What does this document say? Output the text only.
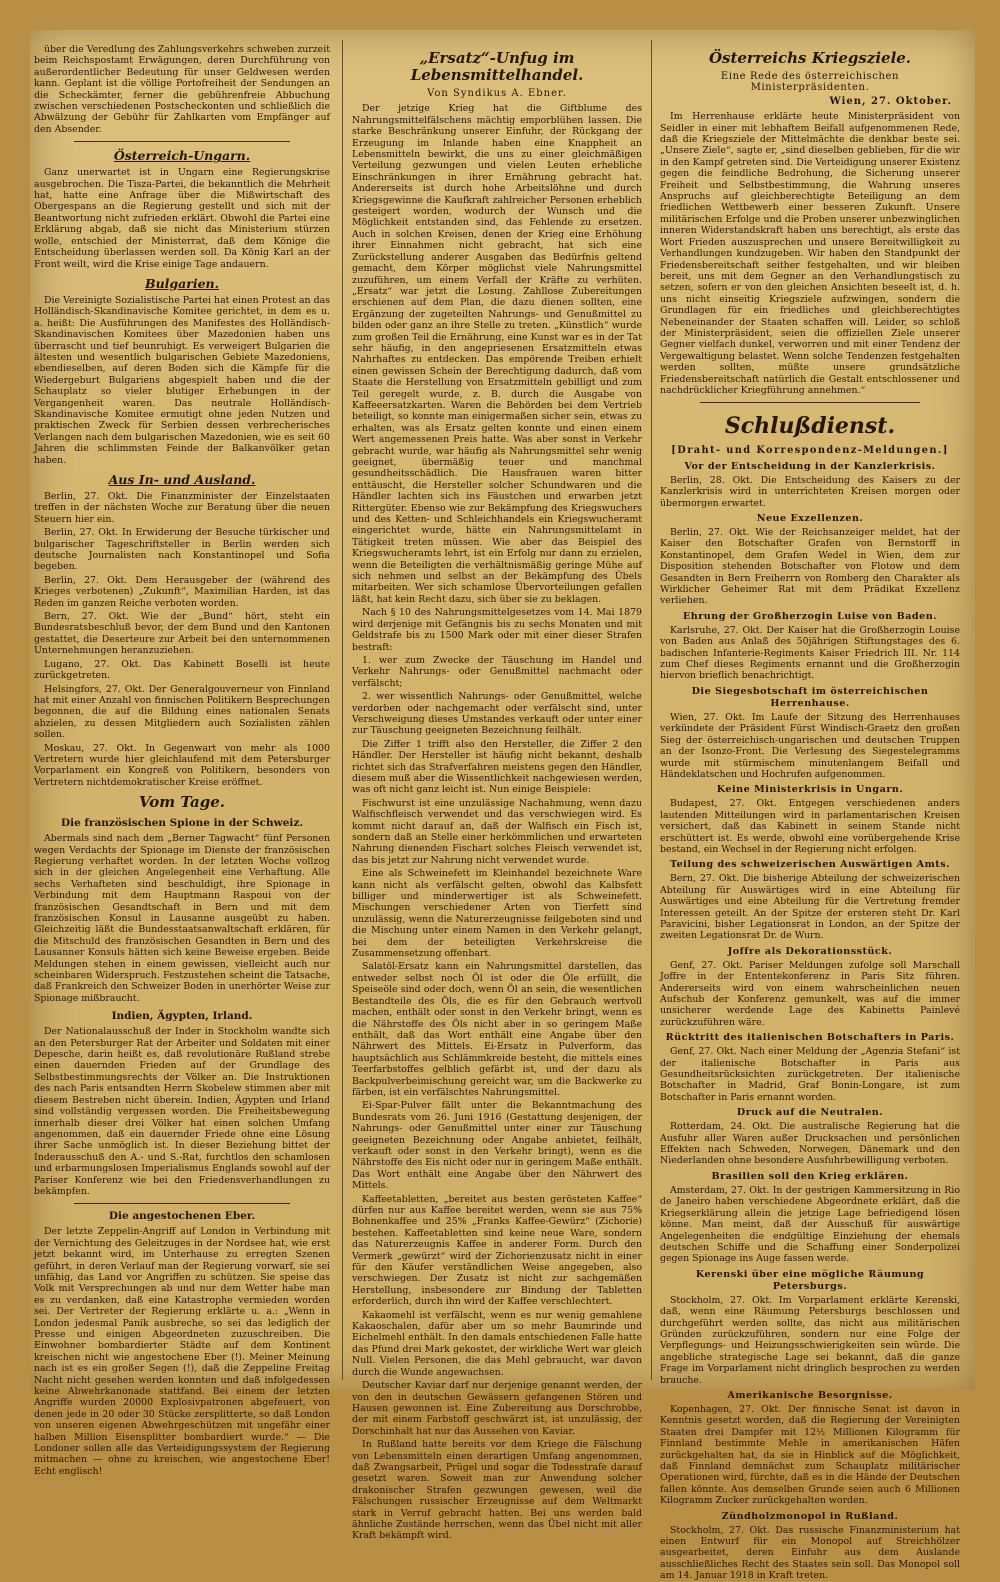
über die Veredlung des Zahlungsverkehrs schweben zurzeit beim Reichspostamt Erwägungen, deren Durchführung von außerordentlicher Bedeutung für unser Geldwesen werden kann. Geplant ist die völlige Portofreiheit der Sendungen an die Scheckämter, ferner die gebührenfreie Abbuchung zwischen verschiedenen Postscheckonten und schließlich die Abwälzung der Gebühr für Zahlkarten vom Empfänger auf den Absender.

Österreich-Ungarn.

Ganz unerwartet ist in Ungarn eine Regierungskrise ausgebrochen. Die Tisza-Partei, die bekanntlich die Mehrheit hat, hatte eine Anfrage über die Mißwirtschaft des Obergespans an die Regierung gestellt und sich mit der Beantwortung nicht zufrieden erklärt. Obwohl die Partei eine Erklärung abgab, daß sie nicht das Ministerium stürzen wolle, entschied der Ministerrat, daß dem Könige die Entscheidung überlassen werden soll. Da König Karl an der Front weilt, wird die Krise einige Tage andauern.

Bulgarien.

Die Vereinigte Sozialistische Partei hat einen Protest an das Holländisch-Skandinavische Komitee gerichtet, in dem es u. a. heißt: Die Ausführungen des Manifestes des Holländisch-Skandinavischen Komitees über Mazedonien haben uns überrascht und tief beunruhigt. Es verweigert Bulgarien die ältesten und wesentlich bulgarischen Gebiete Mazedoniens, ebendieselben, auf deren Boden sich die Kämpfe für die Wiedergeburt Bulgariens abgespielt haben und die der Schauplatz so vieler blutiger Erhebungen in der Vergangenheit waren. Das neutrale Holländisch-Skandinavische Komitee ermutigt ohne jeden Nutzen und praktischen Zweck für Serbien dessen verbrecherisches Verlangen nach dem bulgarischen Mazedonien, wie es seit 60 Jahren die schlimmsten Feinde der Balkanvölker getan haben.

Aus In- und Ausland.

Berlin, 27. Okt. Die Finanzminister der Einzelstaaten treffen in der nächsten Woche zur Beratung über die neuen Steuern hier ein.

Berlin, 27. Okt. In Erwiderung der Besuche türkischer und bulgarischer Tageschriftsteller in Berlin werden sich deutsche Journalisten nach Konstantinopel und Sofia begeben.

Berlin, 27. Okt. Dem Herausgeber der (während des Krieges verbotenen) „Zukunft“, Maximilian Harden, ist das Reden im ganzen Reiche verboten worden.

Bern, 27. Okt. Wie der „Bund“ hört, steht ein Bundesratsbeschluß bevor, der dem Bund und den Kantonen gestattet, die Deserteure zur Arbeit bei den unternommenen Unternehmungen heranzuziehen.

Lugano, 27. Okt. Das Kabinett Boselli ist heute zurückgetreten.

Helsingfors, 27. Okt. Der Generalgouverneur von Finnland hat mit einer Anzahl von finnischen Politikern Besprechungen begonnen, die auf die Bildung eines nationalen Senats abzielen, zu dessen Mitgliedern auch Sozialisten zählen sollen.

Moskau, 27. Okt. In Gegenwart von mehr als 1000 Vertretern wurde hier gleichlaufend mit dem Petersburger Vorparlament ein Kongreß von Politikern, besonders von Vertretern nichtdemokratischer Kreise eröffnet.

Vom Tage.
Die französischen Spione in der Schweiz.

Abermals sind nach dem „Berner Tagwacht“ fünf Personen wegen Verdachts der Spionage im Dienste der französischen Regierung verhaftet worden. In der letzten Woche vollzog sich in der gleichen Angelegenheit eine Verhaftung. Alle sechs Verhafteten sind beschuldigt, ihre Spionage in Verbindung mit dem Hauptmann Raspoui von der französischen Gesandtschaft in Bern und mit dem französischen Konsul in Lausanne ausgeübt zu haben. Gleichzeitig läßt die Bundesstaatsanwaltschaft erklären, für die Mitschuld des französischen Gesandten in Bern und des Lausanner Konsuls hätten sich keine Beweise ergeben. Beide Meldungen stehen in einem gewissen, vielleicht auch nur scheinbaren Widerspruch. Festzustehen scheint die Tatsache, daß Frankreich den Schweizer Boden in unerhörter Weise zur Spionage mißbraucht.

Indien, Ägypten, Irland.

Der Nationalausschuß der Inder in Stockholm wandte sich an den Petersburger Rat der Arbeiter und Soldaten mit einer Depesche, darin heißt es, daß revolutionäre Rußland strebe einen dauernden Frieden auf der Grundlage des Selbstbestimmungsrechts der Völker an. Die Instruktionen des nach Paris entsandten Herrn Skobelew stimmen aber mit diesem Bestreben nicht überein. Indien, Ägypten und Irland sind vollständig vergessen worden. Die Freiheitsbewegung innerhalb dieser drei Völker hat einen solchen Umfang angenommen, daß ein dauernder Friede ohne eine Lösung ihrer Sache unmöglich ist. In dieser Beziehung bittet der Inderausschuß den A.- und S.-Rat, furchtlos den schamlosen und erbarmungslosen Imperialismus Englands sowohl auf der Pariser Konferenz wie bei den Friedensverhandlungen zu bekämpfen.

Die angestochenen Eber.

Der letzte Zeppelin-Angriff auf London in Verbindung mit der Vernichtung des Geleitzuges in der Nordsee hat, wie erst jetzt bekannt wird, im Unterhause zu erregten Szenen geführt, in deren Verlauf man der Regierung vorwarf, sie sei unfähig, das Land vor Angriffen zu schützen. Sie speise das Volk mit Versprechungen ab und nur dem Wetter habe man es zu verdanken, daß eine Katastrophe vermieden worden sei. Der Vertreter der Regierung erklärte u. a.: „Wenn in London jedesmal Panik ausbreche, so sei das lediglich der Presse und einigen Abgeordneten zuzuschreiben. Die Einwohner bombardierter Städte auf dem Kontinent kreischen nicht wie angestochene Eber (!). Meiner Meinung nach ist es ein großer Segen (!), daß die Zeppeline Freitag Nacht nicht gesehen werden konnten und daß infolgedessen keine Abwehrkanonade stattfand. Bei einem der letzten Angriffe wurden 20000 Explosivpatronen abgefeuert, von denen jede in 20 oder 30 Stücke zersplitterte, so daß London von unseren eigenen Abwehrgeschützen mit ungefähr einer halben Million Eisensplitter bombardiert wurde.“ — Die Londoner sollen alle das Verteidigungssystem der Regierung mitmachen — ohne zu kreischen, wie angestochene Eber! Echt englisch!

„Ersatz“-Unfug im Lebensmittelhandel.
Von Syndikus A. Ebner.

Der jetzige Krieg hat die Giftblume des Nahrungsmittelfälschens mächtig emporblühen lassen. Die starke Beschränkung unserer Einfuhr, der Rückgang der Erzeugung im Inlande haben eine Knappheit an Lebensmitteln bewirkt, die uns zu einer gleichmäßigen Verteilung gezwungen und vielen Leuten erhebliche Einschränkungen in ihrer Ernährung gebracht hat. Andererseits ist durch hohe Arbeitslöhne und durch Kriegsgewinne die Kaufkraft zahlreicher Personen erheblich gesteigert worden, wodurch der Wunsch und die Möglichkeit entstanden sind, das Fehlende zu ersetzen. Auch in solchen Kreisen, denen der Krieg eine Erhöhung ihrer Einnahmen nicht gebracht, hat sich eine Zurückstellung anderer Ausgaben das Bedürfnis geltend gemacht, dem Körper möglichst viele Nahrungsmittel zuzuführen, um einem Verfall der Kräfte zu verhüten. „Ersatz“ war jetzt die Losung. Zahllose Zubereitungen erschienen auf dem Plan, die dazu dienen sollten, eine Ergänzung der zugeteilten Nahrungs- und Genußmittel zu bilden oder ganz an ihre Stelle zu treten. „Künstlich“ wurde zum großen Teil die Ernährung, eine Kunst war es in der Tat sehr häufig, in den angepriesenen Ersatzmitteln etwas Nahrhaftes zu entdecken. Das empörende Treiben erhielt einen gewissen Schein der Berechtigung dadurch, daß vom Staate die Herstellung von Ersatzmitteln gebilligt und zum Teil geregelt wurde, z. B. durch die Ausgabe von Kaffeeersatzkarten. Waren die Behörden bei dem Vertrieb beteiligt, so konnte man einigermaßen sicher sein, etwas zu erhalten, was als Ersatz gelten konnte und einen einem Wert angemessenen Preis hatte. Was aber sonst in Verkehr gebracht wurde, war häufig als Nahrungsmittel sehr wenig geeignet, übermäßig teuer und manchmal gesundheitsschädlich. Die Hausfrauen waren bitter enttäuscht, die Hersteller solcher Schundwaren und die Händler lachten sich ins Fäustchen und erwarben jetzt Rittergüter. Ebenso wie zur Bekämpfung des Kriegswuchers und des Ketten- und Schleichhandels ein Kriegswucheramt eingerichtet wurde, hätte ein Nahrungsmittelamt in Tätigkeit treten müssen. Wie aber das Beispiel des Kriegswucheramts lehrt, ist ein Erfolg nur dann zu erzielen, wenn die Beteiligten die verhältnismäßig geringe Mühe auf sich nehmen und selbst an der Bekämpfung des Übels mitarbeiten. Wer sich schamlose Übervorteilungen gefallen läßt, hat kein Recht dazu, sich über sie zu beklagen.

Nach § 10 des Nahrungsmittelgesetzes vom 14. Mai 1879 wird derjenige mit Gefängnis bis zu sechs Monaten und mit Geldstrafe bis zu 1500 Mark oder mit einer dieser Strafen bestraft:

1. wer zum Zwecke der Täuschung im Handel und Verkehr Nahrungs- oder Genußmittel nachmacht oder verfälscht;

2. wer wissentlich Nahrungs- oder Genußmittel, welche verdorben oder nachgemacht oder verfälscht sind, unter Verschweigung dieses Umstandes verkauft oder unter einer zur Täuschung geeigneten Bezeichnung feilhält.

Die Ziffer 1 trifft also den Hersteller, die Ziffer 2 den Händler. Der Hersteller ist häufig nicht bekannt, deshalb richtet sich das Strafverfahren meistens gegen den Händler, diesem muß aber die Wissentlichkeit nachgewiesen werden, was oft nicht ganz leicht ist. Nun einige Beispiele:

Fischwurst ist eine unzulässige Nachahmung, wenn dazu Walfischfleisch verwendet und das verschwiegen wird. Es kommt nicht darauf an, daß der Walfisch ein Fisch ist, sondern daß an Stelle einer herkömmlichen und erwarteten Nahrung dienenden Fischart solches Fleisch verwendet ist, das bis jetzt zur Nahrung nicht verwendet wurde.

Eine als Schweinefett im Kleinhandel bezeichnete Ware kann nicht als verfälscht gelten, obwohl das Kalbsfett billiger und minderwertiger ist als Schweinefett. Mischungen verschiedener Arten von Tierfett sind unzulässig, wenn die Naturerzeugnisse feilgeboten sind und die Mischung unter einem Namen in den Verkehr gelangt, bei dem der beteiligten Verkehrskreise die Zusammensetzung offenbart.

Salatöl-Ersatz kann ein Nahrungsmittel darstellen, das entweder selbst noch Öl ist oder die Öle erfüllt, die Speiseöle sind oder doch, wenn Öl an sein, die wesentlichen Bestandteile des Öls, die es für den Gebrauch wertvoll machen, enthält oder sonst in den Verkehr bringt, wenn es die Nährstoffe des Öls nicht aber in so geringem Maße enthält, daß das Wort enthält eine Angabe über den Nährwert des Mittels. Ei-Ersatz in Pulverform, das hauptsächlich aus Schlämmkreide besteht, die mittels eines Teerfarbstoffes gelblich gefärbt ist, und der dazu als Backpulverbeimischung gereicht war, um die Backwerke zu färben, ist ein verfälschtes Nahrungsmittel.

Ei-Spar-Pulver fällt unter die Bekanntmachung des Bundesrats vom 26. Juni 1916 (Gestattung desjenigen, der Nahrungs- oder Genußmittel unter einer zur Täuschung geeigneten Bezeichnung oder Angabe anbietet, feilhält, verkauft oder sonst in den Verkehr bringt), wenn es die Nährstoffe des Eis nicht oder nur in geringem Maße enthält. Das Wort enthält eine Angabe über den Nährwert des Mittels.

Kaffeetabletten, „bereitet aus besten gerösteten Kaffee“ dürfen nur aus Kaffee bereitet werden, wenn sie aus 75% Bohnenkaffee und 25% „Franks Kaffee-Gewürz“ (Zichorie) bestehen. Kaffeetabletten sind keine neue Ware, sondern das Naturerzeugnis Kaffee in anderer Form. Durch den Vermerk „gewürzt“ wird der Zichorienzusatz nicht in einer für den Käufer verständlichen Weise angegeben, also verschwiegen. Der Zusatz ist nicht zur sachgemäßen Herstellung, insbesondere zur Bindung der Tabletten erforderlich, durch ihn wird der Kaffee verschlechtert.

Kakaomehl ist verfälscht, wenn es nur wenig gemahlene Kakaoschalen, dafür aber um so mehr Baumrinde und Eichelmehl enthält. In den damals entschiedenen Falle hatte das Pfund drei Mark gekostet, der wirkliche Wert war gleich Null. Vielen Personen, die das Mehl gebraucht, war davon durch die Wunde angewachsen.

Deutscher Kaviar darf nur derjenige genannt werden, der von den in deutschen Gewässern gefangenen Stören und Hausen gewonnen ist. Eine Zubereitung aus Dorschrobbe, der mit einem Farbstoff geschwärzt ist, ist unzulässig, der Dorschinhalt hat nur das Aussehen von Kaviar.

In Rußland hatte bereits vor dem Kriege die Fälschung von Lebensmitteln einen derartigen Umfang angenommen, daß Zwangsarbeit, Prügel und sogar die Todesstrafe darauf gesetzt waren. Soweit man zur Anwendung solcher drakonischer Strafen gezwungen gewesen, weil die Fälschungen russischer Erzeugnisse auf dem Weltmarkt stark in Verruf gebracht hatten. Bei uns werden bald ähnliche Zustände herrschen, wenn das Übel nicht mit aller Kraft bekämpft wird.

Österreichs Kriegsziele.
Eine Rede des österreichischen Ministerpräsidenten.
Wien, 27. Oktober.

Im Herrenhause erklärte heute Ministerpräsident von Seidler in einer mit lebhaftem Beifall aufgenommenen Rede, daß die Kriegsziele der Mittelmächte die denkbar beste sei. „Unsere Ziele“, sagte er, „sind dieselben geblieben, für die wir in den Kampf getreten sind. Die Verteidigung unserer Existenz gegen die feindliche Bedrohung, die Sicherung unserer Freiheit und Selbstbestimmung, die Wahrung unseres Anspruchs auf gleichberechtigte Beteiligung an dem friedlichen Wettbewerb einer besseren Zukunft. Unsere militärischen Erfolge und die Proben unserer unbezwinglichen inneren Widerstandskraft haben uns berechtigt, als erste das Wort Frieden auszusprechen und unsere Bereitwilligkeit zu Verhandlungen kundzugeben. Wir haben den Standpunkt der Friedensbereitschaft seither festgehalten, und wir bleiben bereit, uns mit dem Gegner an den Verhandlungstisch zu setzen, sofern er von den gleichen Ansichten beseelt ist, d. h. uns nicht einseitig Kriegsziele aufzwingen, sondern die Grundlagen für ein friedliches und gleichberechtigtes Nebeneinander der Staaten schaffen will. Leider, so schloß der Ministerpräsident, seien die offiziellen Ziele unserer Gegner vielfach dunkel, verworren und mit einer Tendenz der Vergewaltigung belastet. Wenn solche Tendenzen festgehalten werden sollten, müßte unsere grundsätzliche Friedensbereitschaft natürlich die Gestalt entschlossener und nachdrücklicher Kriegführung annehmen.“

Schlußdienst.
[Draht- und Korrespondenz-Meldungen.]
Vor der Entscheidung in der Kanzlerkrisis.

Berlin, 28. Okt. Die Entscheidung des Kaisers zu der Kanzlerkrisis wird in unterrichteten Kreisen morgen oder übermorgen erwartet.

Neue Exzellenzen.

Berlin, 27. Okt. Wie der Reichsanzeiger meldet, hat der Kaiser den Botschafter Grafen von Bernstorff in Konstantinopel, dem Grafen Wedel in Wien, dem zur Disposition stehenden Botschafter von Flotow und dem Gesandten in Bern Freiherrn von Romberg den Charakter als Wirklicher Geheimer Rat mit dem Prädikat Exzellenz verliehen.

Ehrung der Großherzogin Luise von Baden.

Karlsruhe, 27. Okt. Der Kaiser hat die Großherzogin Louise von Baden aus Anlaß des 50jährigen Stiftungstages des 6. badischen Infanterie-Regiments Kaiser Friedrich III. Nr. 114 zum Chef dieses Regiments ernannt und die Großherzogin hiervon brieflich benachrichtigt.

Die Siegesbotschaft im österreichischen Herrenhause.

Wien, 27. Okt. Im Laufe der Sitzung des Herrenhauses verkündete der Präsident Fürst Windisch-Graetz den großen Sieg der österreichisch-ungarischen und deutschen Truppen an der Isonzo-Front. Die Verlesung des Siegestelegramms wurde mit stürmischem minutenlangem Beifall und Händeklatschen und Hochrufen aufgenommen.

Keine Ministerkrisis in Ungarn.

Budapest, 27. Okt. Entgegen verschiedenen anders lautenden Mitteilungen wird in parlamentarischen Kreisen versichert, daß das Kabinett in seinem Stande nicht erschüttert ist. Es werde, obwohl eine vorübergehende Krise bestand, ein Wechsel in der Regierung nicht erfolgen.

Teilung des schweizerischen Auswärtigen Amts.

Bern, 27. Okt. Die bisherige Abteilung der schweizerischen Abteilung für Auswärtiges wird in eine Abteilung für Auswärtiges und eine Abteilung für die Vertretung fremder Interessen geteilt. An der Spitze der ersteren steht Dr. Karl Paravicini, bisher Legationsrat in London, an der Spitze der zweiten Legationsrat Dr. de Wurn.

Joffre als Dekorationsstück.

Genf, 27. Okt. Pariser Meldungen zufolge soll Marschall Joffre in der Ententekonferenz in Paris Sitz führen. Andererseits wird von einem wahrscheinlichen neuen Aufschub der Konferenz gemunkelt, was auf die immer unsicherer werdende Lage des Kabinetts Painlevé zurückzuführen wäre.

Rücktritt des italienischen Botschafters in Paris.

Genf, 27. Okt. Nach einer Meldung der „Agenzia Stefani“ ist der italienische Botschafter in Paris aus Gesundheitsrücksichten zurückgetreten. Der italienische Botschafter in Madrid, Graf Bonin-Longare, ist zum Botschafter in Paris ernannt worden.

Druck auf die Neutralen.

Rotterdam, 24. Okt. Die australische Regierung hat die Ausfuhr aller Waren außer Drucksachen und persönlichen Effekten nach Schweden, Norwegen, Dänemark und den Niederlanden ohne besondere Ausfuhrbewilligung verboten.

Brasilien soll den Krieg erklären.

Amsterdam, 27. Okt. In der gestrigen Kammersitzung in Rio de Janeiro haben verschiedene Abgeordnete erklärt, daß die Kriegserklärung allein die jetzige Lage befriedigend lösen könne. Man meint, daß der Ausschuß für auswärtige Angelegenheiten die endgültige Einziehung der ehemals deutschen Schiffe und die Schaffung einer Sonderpolizei gegen Spionage ins Auge fassen werde.

Kerenski über eine mögliche Räumung Petersburgs.

Stockholm, 27. Okt. Im Vorparlament erklärte Kerenski, daß, wenn eine Räumung Petersburgs beschlossen und durchgeführt werden sollte, das nicht aus militärischen Gründen zurückzuführen, sondern nur eine Folge der Verpflegungs- und Heizungsschwierigkeiten sein würde. Die angebliche strategische Lage sei bekannt, daß die ganze Frage im Vorparlament nicht dringlich besprochen zu werden brauche.

Amerikanische Besorgnisse.

Kopenhagen, 27. Okt. Der finnische Senat ist davon in Kenntnis gesetzt worden, daß die Regierung der Vereinigten Staaten drei Dampfer mit 12½ Millionen Kilogramm für Finnland bestimmte Mehle in amerikanischen Häfen zurückgehalten hat, da sie in Hinblick auf die Möglichkeit, daß Finnland demnächst zum Schauplatz militärischer Operationen wird, fürchte, daß es in die Hände der Deutschen fallen könnte. Aus demselben Grunde seien auch 6 Millionen Kilogramm Zucker zurückgehalten worden.

Zündholzmonopol in Rußland.

Stockholm, 27. Okt. Das russische Finanzministerium hat einen Entwurf für ein Monopol auf Streichhölzer ausgearbeitet, deren Einfuhr aus dem Auslande ausschließliches Recht des Staates sein soll. Das Monopol soll am 14. Januar 1918 in Kraft treten.
